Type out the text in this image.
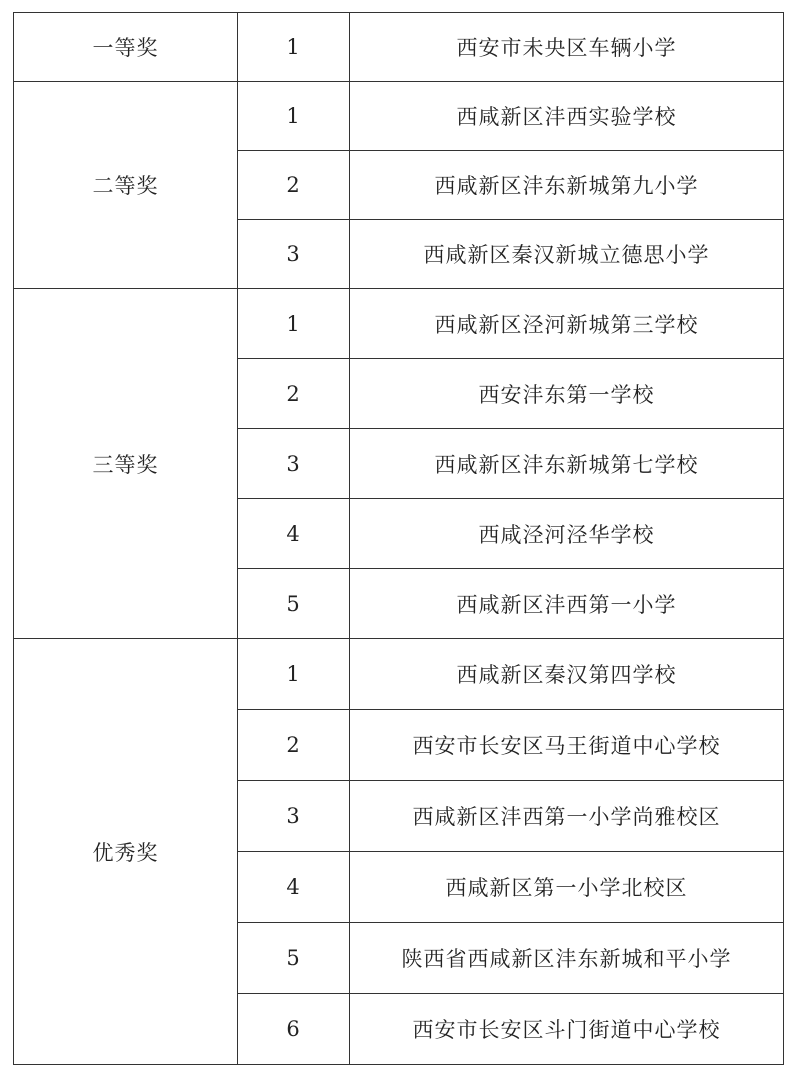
一等奖	1	西安市未央区车辆小学
二等奖	1	西咸新区沣西实验学校
	2	西咸新区沣东新城第九小学
	3	西咸新区秦汉新城立德思小学
三等奖	1	西咸新区泾河新城第三学校
	2	西安沣东第一学校
	3	西咸新区沣东新城第七学校
	4	西咸泾河泾华学校
	5	西咸新区沣西第一小学
优秀奖	1	西咸新区秦汉第四学校
	2	西安市长安区马王街道中心学校
	3	西咸新区沣西第一小学尚雅校区
	4	西咸新区第一小学北校区
	5	陕西省西咸新区沣东新城和平小学
	6	西安市长安区斗门街道中心学校
